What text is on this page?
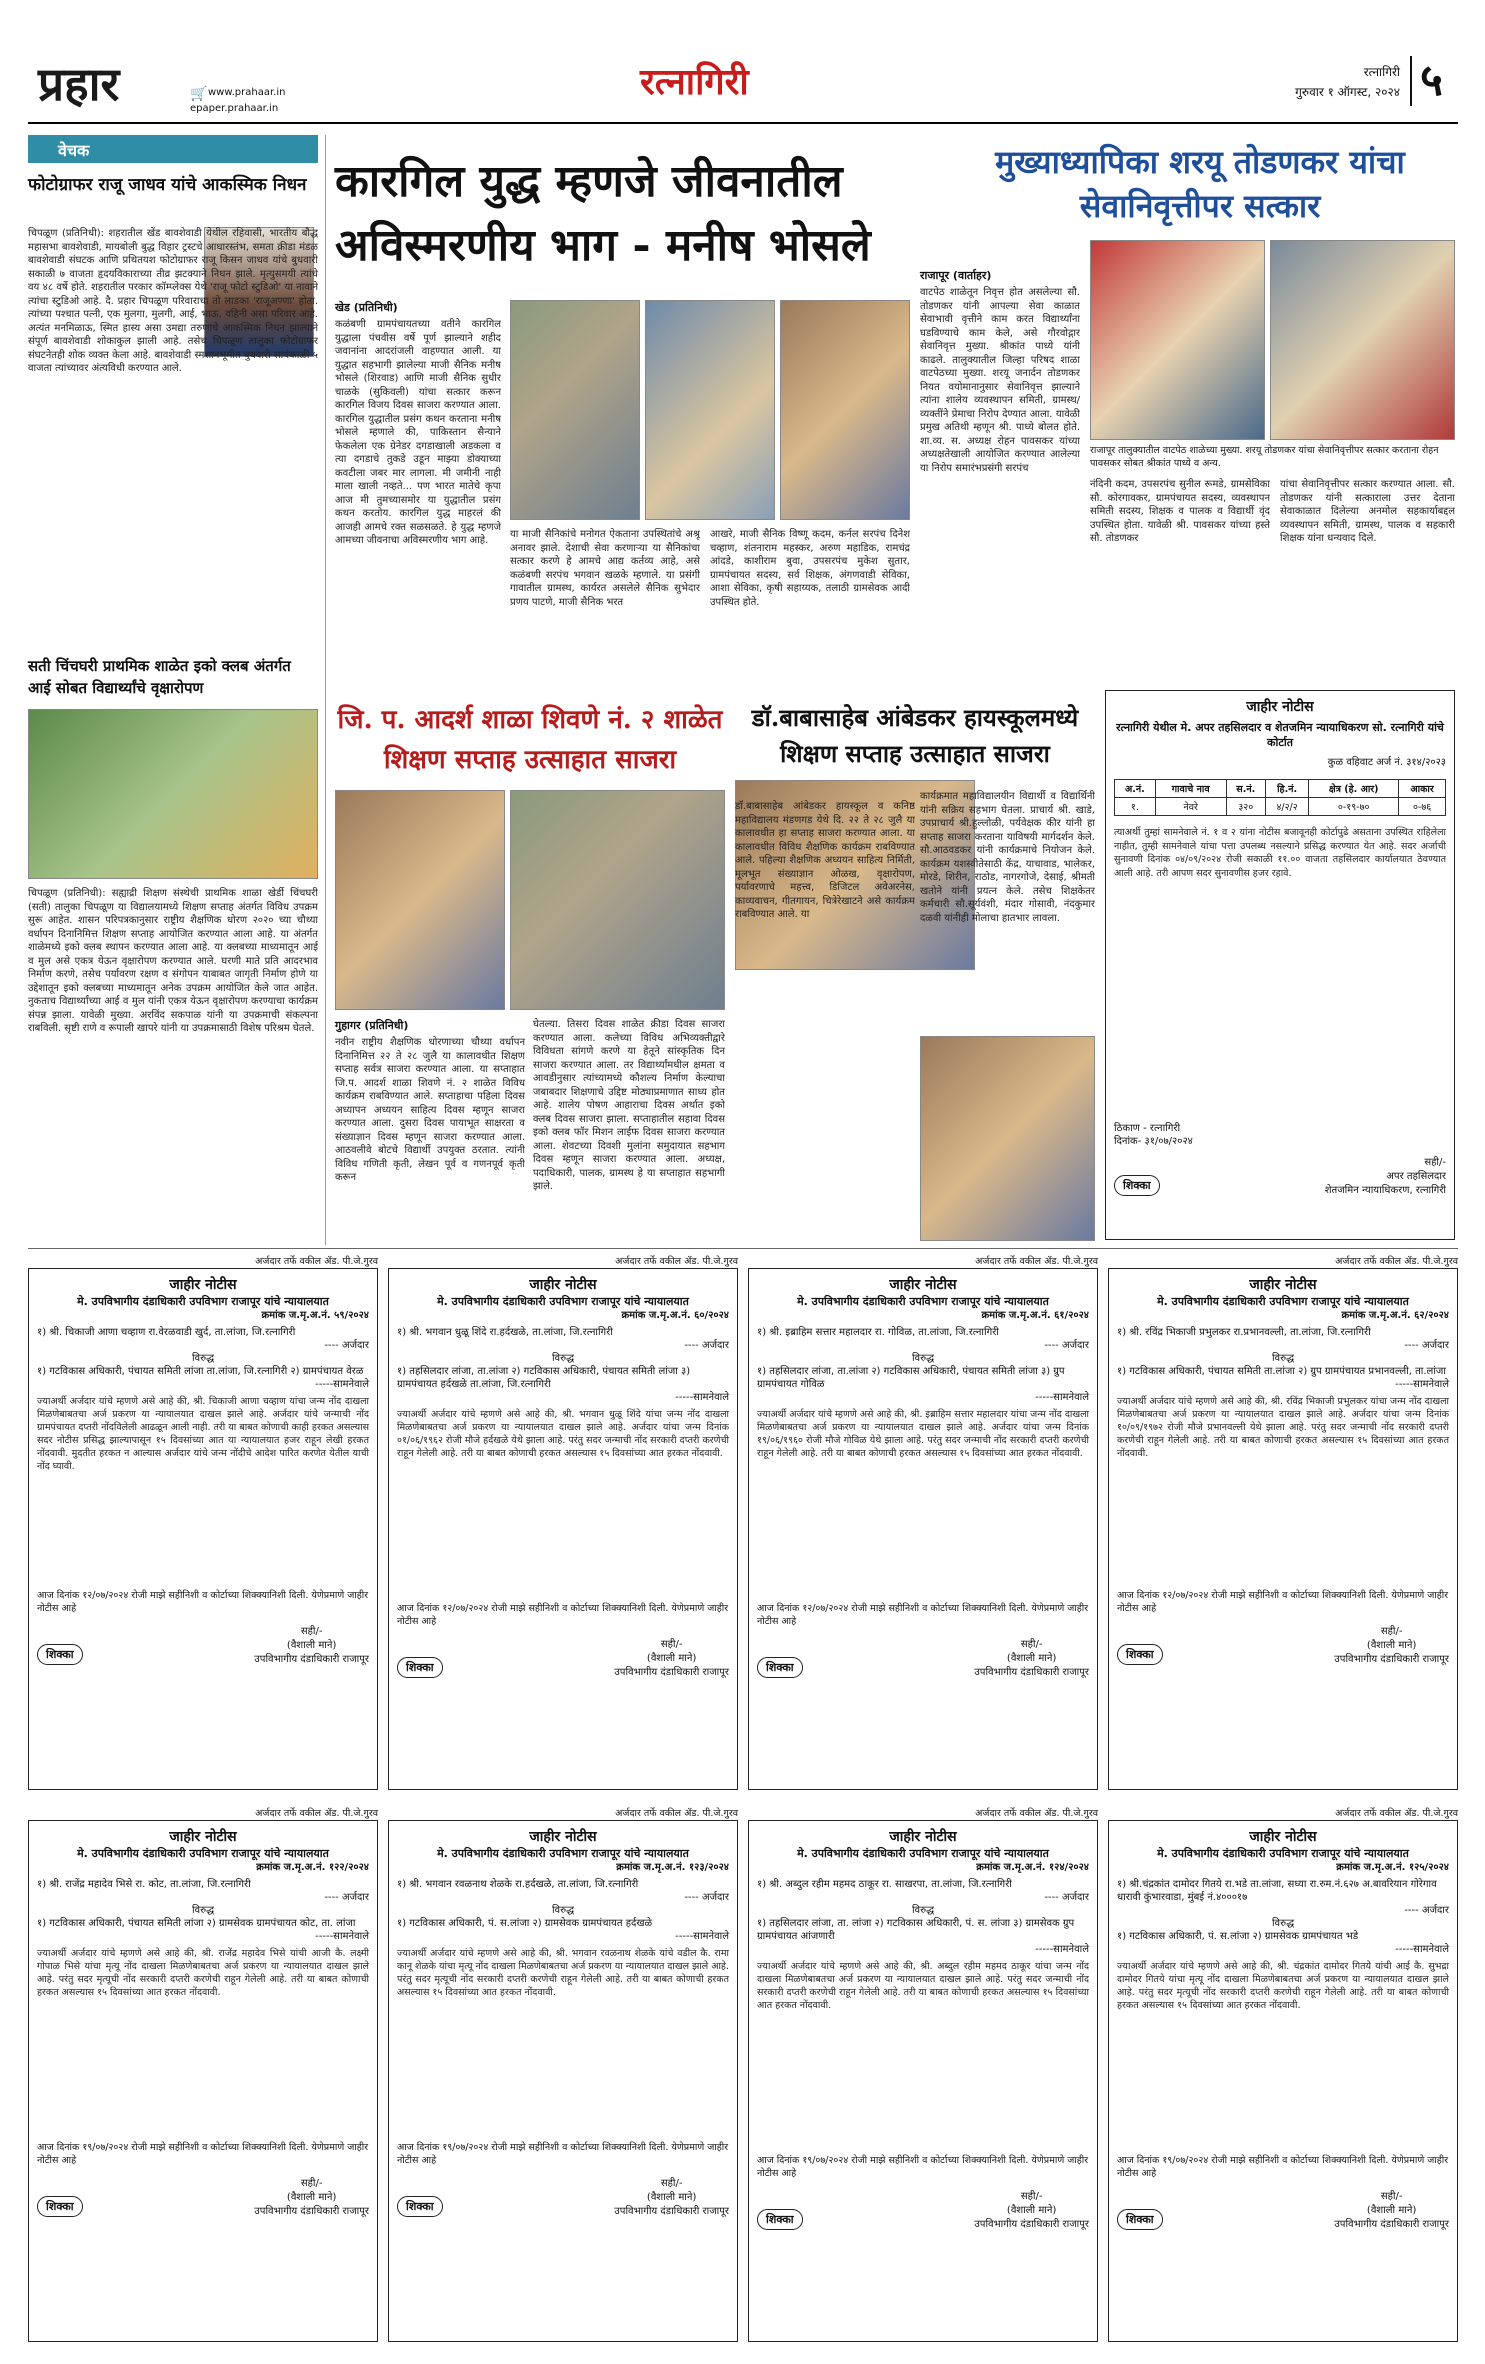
प्रहार	🛒 www.prahaar.in
epaper.prahaar.in
रत्नागिरी	रत्नागिरी
गुरुवार १ ऑगस्ट, २०२४ ५
वेचक
फोटोग्राफर राजू जाधव यांचे आकस्मिक निधन
चिपळूण (प्रतिनिधी): शहरातील खेंड बावशेवाडी येथील रहिवासी, भारतीय बौद्ध महासभा बावशेवाडी, मायबोली बुद्ध विहार ट्रस्टचे आधारस्तंभ, समता क्रीडा मंडळ बावशेवाडी संघटक आणि प्रथितयश फोटोग्राफर राजू किसन जाधव यांचे बुधवारी सकाळी ७ वाजता हृदयविकाराच्या तीव्र झटक्याने निधन झाले. मृत्युसमयी त्यांचे वय ४८ वर्षे होते. शहरातील परकार कॉम्प्लेक्स येथे 'राजू फोटो स्टुडिओ' या नावाने त्यांचा स्टुडिओ आहे. दै. प्रहार चिपळूण परिवाराचा तो लाडका 'राजूअण्णा' होता. त्यांच्या पश्चात पत्नी, एक मुलगा, मुलगी, आई, भाऊ, वहिनी असा परिवार आहे. अत्यंत मनमिळाऊ, स्मित हास्य असा उमद्या तरुणाचे आकस्मिक निधन झाल्याने संपूर्ण बावशेवाडी शोकाकुल झाली आहे. तसेच चिपळूण तालुका फोटोग्राफर संघटनेतही शोक व्यक्त केला आहे. बावशेवाडी स्मशानभूमीत बुधवारी सायंकाळी ५ वाजता त्यांच्यावर अंत्यविधी करण्यात आले.
सती चिंचघरी प्राथमिक शाळेत इको क्लब अंतर्गत आई सोबत विद्यार्थ्यांचे वृक्षारोपण
चिपळूण (प्रतिनिधी): सह्याद्री शिक्षण संस्थेची प्राथमिक शाळा खेर्डी चिंचघरी (सती) तालुका चिपळूण या विद्यालयामध्ये शिक्षण सप्ताह अंतर्गत विविध उपक्रम सुरू आहेत. शासन परिपत्रकानुसार राष्ट्रीय शैक्षणिक धोरण २०२० च्या चौथ्या वर्धापन दिनानिमित्त शिक्षण सप्ताह आयोजित करण्यात आला आहे. या अंतर्गत शाळेमध्ये इको क्लब स्थापन करण्यात आला आहे. या क्लबच्या माध्यमातून आई व मुल असे एकत्र येऊन वृक्षारोपण करण्यात आले. घरणी माते प्रति आदरभाव निर्माण करणे, तसेच पर्यावरण रक्षण व संगोपन याबाबत जागृती निर्माण होणे या उद्देशातून इको क्लबच्या माध्यमातून अनेक उपक्रम आयोजित केले जात आहेत. नुकताच विद्यार्थ्यांच्या आई व मुल यांनी एकत्र येऊन वृक्षारोपण करण्याचा कार्यक्रम संपन्न झाला. यावेळी मुख्या. अरविंद सकपाळ यांनी या उपक्रमाची संकल्पना राबविली. सृष्टी राणे व रूपाली खापरे यांनी या उपक्रमासाठी विशेष परिश्रम घेतले.
कारगिल युद्ध म्हणजे जीवनातील अविस्मरणीय भाग - मनीष भोसले
खेड (प्रतिनिधी)
कळंबणी ग्रामपंचायतच्या वतीने कारगिल युद्धाला पंचवीस वर्षे पूर्ण झाल्याने शहीद जवानांना आदरांजली वाहण्यात आली. या युद्धात सहभागी झालेल्या माजी सैनिक मनीष भोसले (शिरवाड) आणि माजी सैनिक सुधीर चाळके (सुकिवली) यांचा सत्कार करून कारगिल विजय दिवस साजरा करण्यात आला. कारगिल युद्धातील प्रसंग कथन करताना मनीष भोसले म्हणाले की, पाकिस्तान सैन्याने फेकलेला एक ग्रेनेडर दगडाखाली अडकला व त्या दगडाचे तुकडे उडून माझ्या डोक्याच्या कवटीला जबर मार लागला. मी जमीनी नाही माला खाली नव्हते... पण भारत मातेचे कृपा आज मी तुमच्यासमोर या युद्धातील प्रसंग कथन करतोय. कारगिल युद्ध माहरलं की आजही आमचे रक्त सळसळते. हे युद्ध म्हणजे आमच्या जीवनाचा अविस्मरणीय भाग आहे.
या माजी सैनिकांचे मनोगत ऐकताना उपस्थितांचे अश्रू अनावर झाले. देशाची सेवा करणाऱ्या या सैनिकांचा सत्कार करणे हे आमचे आद्य कर्तव्य आहे, असे कळंबणी सरपंच भगवान खळके म्हणाले. या प्रसंगी गावातील ग्रामस्थ, कार्यरत असलेले सैनिक सुभेदार प्रणय पाटणे, माजी सैनिक भरत
आखरे, माजी सैनिक विष्णू कदम, कर्नल सरपंच दिनेश चव्हाण, शंतनाराम महस्कर, अरुण महाडिक, रामचंद्र आंदडे, काशीराम बुवा, उपसरपंच मुकेश सुतार, ग्रामपंचायत सदस्य, सर्व शिक्षक, अंगणवाडी सेविका, आशा सेविका, कृषी सहाय्यक, तलाठी ग्रामसेवक आदी उपस्थित होते.
मुख्याध्यापिका शरयू तोडणकर यांचा सेवानिवृत्तीपर सत्कार
राजापूर (वार्ताहर)
वाटपेठ शाळेतून निवृत्त होत असलेल्या सौ. तोडणकर यांनी आपल्या सेवा काळात सेवाभावी वृत्तीने काम करत विद्यार्थ्यांना घडविण्याचे काम केले, असे गौरवोद्गार सेवानिवृत्त मुख्या. श्रीकांत पाध्ये यांनी काढले. तालुक्यातील जिल्हा परिषद शाळा वाटपेठच्या मुख्या. शरयू जनार्दन तोडणकर नियत वयोमानानुसार सेवानिवृत्त झाल्याने त्यांना शालेय व्यवस्थापन समिती, ग्रामस्थ/व्यक्तींने प्रेमाचा निरोप देण्यात आला. यावेळी प्रमुख अतिथी म्हणून श्री. पाध्ये बोलत होते. शा.व्य. स. अध्यक्ष रोहन पावसकर यांच्या अध्यक्षतेखाली आयोजित करण्यात आलेल्या या निरोप समारंभप्रसंगी सरपंच
राजापूर तालुक्यातील वाटपेठ शाळेच्या मुख्या. शरयू तोडणकर यांचा सेवानिवृत्तीपर सत्कार करताना रोहन पावसकर सोबत श्रीकांत पाध्ये व अन्य.
नंदिनी कदम, उपसरपंच सुनील रूमडे, ग्रामसेविका सौ. कोरगावकर, ग्रामपंचायत सदस्य, व्यवस्थापन समिती सदस्य, शिक्षक व पालक व विद्यार्थी वृंद उपस्थित होता. यावेळी श्री. पावसकर यांच्या हस्ते सौ. तोडणकर
यांचा सेवानिवृत्तीपर सत्कार करण्यात आला. सौ. तोडणकर यांनी सत्काराला उत्तर देताना सेवाकाळात दिलेल्या अनमोल सहकार्याबद्दल व्यवस्थापन समिती, ग्रामस्थ, पालक व सहकारी शिक्षक यांना धन्यवाद दिले.
जि. प. आदर्श शाळा शिवणे नं. २ शाळेत शिक्षण सप्ताह उत्साहात साजरा
गुहागर (प्रतिनिधी)
नवीन राष्ट्रीय शैक्षणिक धोरणाच्या चौथ्या वर्धापन दिनानिमित्त २२ ते २८ जुलै या कालावधीत शिक्षण सप्ताह सर्वत्र साजरा करण्यात आला. या सप्ताहात जि.प. आदर्श शाळा शिवणे नं. २ शाळेत विविध कार्यक्रम राबविण्यात आले. सप्ताहाचा पहिला दिवस अध्यापन अध्ययन साहित्य दिवस म्हणून साजरा करण्यात आला. दुसरा दिवस पायाभूत साक्षरता व संख्याज्ञान दिवस म्हणून साजरा करण्यात आला. आठवलीवे बोटचे विद्यार्थी उपयुक्त ठरतात. त्यांनी विविध गणिती कृती, लेखन पूर्व व गणनपूर्व कृती करून
घेतल्या. तिसरा दिवस शाळेत क्रीडा दिवस साजरा करण्यात आला. कलेच्या विविध अभिव्यक्तीद्वारे विविधता सांगणे करणे या हेतूने सांस्कृतिक दिन साजरा करण्यात आला. तर विद्यार्थ्यांमधील क्षमता व आवडीनुसार त्यांच्यामध्ये कौशल्य निर्माण केल्याचा जबाबदार शिक्षणाचे उद्दिष्ट मोठ्याप्रमाणात साध्य होत आहे. शालेय पोषण आहाराचा दिवस अर्थात इको क्लब दिवस साजरा झाला. सप्ताहातील सहावा दिवस इको क्लब फॉर मिशन लाईफ दिवस साजरा करण्यात आला. शेवटच्या दिवशी मुलांना समुदायात सहभाग दिवस म्हणून साजरा करण्यात आला. अध्यक्ष, पदाधिकारी, पालक, ग्रामस्थ हे या सप्ताहात सहभागी झाले.
डॉ.बाबासाहेब आंबेडकर हायस्कूलमध्ये शिक्षण सप्ताह उत्साहात साजरा
डॉ.बाबासाहेब आंबेडकर हायस्कूल व कनिष्ठ महाविद्यालय मंडणगड येथे दि. २२ ते २८ जुलै या कालावधीत हा सप्ताह साजरा करण्यात आला. या कालावधीत विविध शैक्षणिक कार्यक्रम राबविण्यात आले. पहिल्या शैक्षणिक अध्ययन साहित्य निर्मिती, मूलभूत संख्याज्ञान ओळख, वृक्षारोपण, पर्यावरणाचे महत्त्व, डिजिटल अवेअरनेस, काव्यवाचन, गीतगायन, चित्रेरेखाटने असे कार्यक्रम राबविण्यात आले. या
कार्यक्रमात महाविद्यालयीन विद्यार्थी व विद्यार्थिनी यांनी सक्रिय सहभाग घेतला. प्राचार्य श्री. खाडे, उपप्राचार्य श्री.हुल्लोळी, पर्यवेक्षक कीर यांनी हा सप्ताह साजरा करताना याविषयी मार्गदर्शन केले. सौ.आठवडकर यांनी कार्यक्रमाचे नियोजन केले. कार्यक्रम यशस्वीतेसाठी केंद्र, याचावाड, भालेकर, मोरडे, शिरीन, राठोड, नागरगोजे, देसाई, श्रीमती खतोने यांनी प्रयत्न केले. तसेच शिक्षकेतर कर्मचारी सौ.सूर्यवंशी, मंदार गोसावी, नंदकुमार दळवी यांनीही मोलाचा हातभार लावला.
जाहीर नोटीस
रत्नागिरी येथील मे. अपर तहसिलदार व शेतजमिन न्यायाधिकरण सो. रत्नागिरी यांचे कोर्टात
कुळ वहिवाट अर्ज नं. ३१४/२०२३
अ.नं.	गावाचे नाव	स.नं.	हि.नं.	क्षेत्र (हे. आर)	आकार
१.	नेवरे	३२०	४/२/२	०-१९-७०	०-७६
त्याअर्थी तुम्हां सामनेवाले नं. १ व २ यांना नोटीस बजावूनही कोर्टापुढे असताना उपस्थित राहिलेला नाहीत, तुम्ही सामनेवाले यांचा पत्ता उपलब्ध नसल्याने प्रसिद्ध करण्यात येत आहे. सदर अर्जाची सुनावणी दिनांक ०४/०९/२०२४ रोजी सकाळी ११.०० वाजता तहसिलदार कार्यालयात ठेवण्यात आली आहे. तरी आपण सदर सुनावणीस हजर रहावे.
ठिकाण - रत्नागिरी
दिनांक- ३१/०७/२०२४
शिक्का
सही/-
अपर तहसिलदार
शेतजमिन न्यायाधिकरण, रत्नागिरी
अर्जदार तर्फे वकील ॲड. पी.जे.गुरव
जाहीर नोटीस
मे. उपविभागीय दंडाधिकारी उपविभाग राजापूर यांचे न्यायालयात
क्रमांक ज.मृ.अ.नं. ५९/२०२४
१) श्री. चिकाजी आणा चव्हाण रा.वेरळवाडी खुर्द, ता.लांजा, जि.रत्नागिरी
---- अर्जदार
विरुद्ध
१) गटविकास अधिकारी, पंचायत समिती लांजा ता.लांजा, जि.रत्नागिरी २) ग्रामपंचायत वेरळ
-----सामनेवाले
ज्याअर्थी अर्जदार यांचे म्हणणे असे आहे की, श्री. चिकाजी आणा चव्हाण यांचा जन्म नोंद दाखला मिळणेबाबतचा अर्ज प्रकरण या न्यायालयात दाखल झाले आहे. अर्जदार यांचे जन्माची नोंद ग्रामपंचायत दप्तरी नोंदविलेली आढळून आली नाही. तरी या बाबत कोणाची काही हरकत असल्यास सदर नोटीस प्रसिद्ध झाल्यापासून १५ दिवसांच्या आत या न्यायालयात हजर राहून लेखी हरकत नोंदवावी. मुदतीत हरकत न आल्यास अर्जदार यांचे जन्म नोंदीचे आदेश पारित करणेत येतील याची नोंद घ्यावी.
आज दिनांक १२/०७/२०२४ रोजी माझे सहीनिशी व कोर्टाच्या शिक्क्यानिशी दिली. येणेप्रमाणे जाहीर नोटीस आहे
शिक्का
सही/-
(वैशाली माने)
उपविभागीय दंडाधिकारी राजापूर
अर्जदार तर्फे वकील ॲड. पी.जे.गुरव
जाहीर नोटीस
मे. उपविभागीय दंडाधिकारी उपविभाग राजापूर यांचे न्यायालयात
क्रमांक ज.मृ.अ.नं. ६०/२०२४
१) श्री. भगवान धुळू शिंदे रा.हर्दखळे, ता.लांजा, जि.रत्नागिरी
---- अर्जदार
विरुद्ध
१) तहसिलदार लांजा, ता.लांजा २) गटविकास अधिकारी, पंचायत समिती लांजा ३) ग्रामपंचायत हर्दखळे ता.लांजा, जि.रत्नागिरी
-----सामनेवाले
ज्याअर्थी अर्जदार यांचे म्हणणे असे आहे की, श्री. भगवान धुळू शिंदे यांचा जन्म नोंद दाखला मिळणेबाबतचा अर्ज प्रकरण या न्यायालयात दाखल झाले आहे. अर्जदार यांचा जन्म दिनांक ०१/०६/१९६२ रोजी मौजे हर्दखळे येथे झाला आहे. परंतु सदर जन्माची नोंद सरकारी दप्तरी करणेची राहून गेलेली आहे. तरी या बाबत कोणाची हरकत असल्यास १५ दिवसांच्या आत हरकत नोंदवावी.
आज दिनांक १२/०७/२०२४ रोजी माझे सहीनिशी व कोर्टाच्या शिक्क्यानिशी दिली. येणेप्रमाणे जाहीर नोटीस आहे
शिक्का
सही/-
(वैशाली माने)
उपविभागीय दंडाधिकारी राजापूर
अर्जदार तर्फे वकील ॲड. पी.जे.गुरव
जाहीर नोटीस
मे. उपविभागीय दंडाधिकारी उपविभाग राजापूर यांचे न्यायालयात
क्रमांक ज.मृ.अ.नं. ६१/२०२४
१) श्री. इब्राहिम सत्तार महालदार रा. गोविळ, ता.लांजा, जि.रत्नागिरी
---- अर्जदार
विरुद्ध
१) तहसिलदार लांजा, ता.लांजा २) गटविकास अधिकारी, पंचायत समिती लांजा ३) ग्रुप ग्रामपंचायत गोविळ
-----सामनेवाले
ज्याअर्थी अर्जदार यांचे म्हणणे असे आहे की, श्री. इब्राहिम सत्तार महालदार यांचा जन्म नोंद दाखला मिळणेबाबतचा अर्ज प्रकरण या न्यायालयात दाखल झाले आहे. अर्जदार यांचा जन्म दिनांक १९/०६/१९६० रोजी मौजे गोविळ येथे झाला आहे. परंतु सदर जन्माची नोंद सरकारी दप्तरी करणेची राहून गेलेली आहे. तरी या बाबत कोणाची हरकत असल्यास १५ दिवसांच्या आत हरकत नोंदवावी.
आज दिनांक १२/०७/२०२४ रोजी माझे सहीनिशी व कोर्टाच्या शिक्क्यानिशी दिली. येणेप्रमाणे जाहीर नोटीस आहे
शिक्का
सही/-
(वैशाली माने)
उपविभागीय दंडाधिकारी राजापूर
अर्जदार तर्फे वकील ॲड. पी.जे.गुरव
जाहीर नोटीस
मे. उपविभागीय दंडाधिकारी उपविभाग राजापूर यांचे न्यायालयात
क्रमांक ज.मृ.अ.नं. ६२/२०२४
१) श्री. रविंद्र भिकाजी प्रभुलकर रा.प्रभानवल्ली, ता.लांजा, जि.रत्नागिरी
---- अर्जदार
विरुद्ध
१) गटविकास अधिकारी, पंचायत समिती ता.लांजा २) ग्रुप ग्रामपंचायत प्रभानवल्ली, ता.लांजा
-----सामनेवाले
ज्याअर्थी अर्जदार यांचे म्हणणे असे आहे की, श्री. रविंद्र भिकाजी प्रभुलकर यांचा जन्म नोंद दाखला मिळणेबाबतचा अर्ज प्रकरण या न्यायालयात दाखल झाले आहे. अर्जदार यांचा जन्म दिनांक १०/०९/१९७२ रोजी मौजे प्रभानवल्ली येथे झाला आहे. परंतु सदर जन्माची नोंद सरकारी दप्तरी करणेची राहून गेलेली आहे. तरी या बाबत कोणाची हरकत असल्यास १५ दिवसांच्या आत हरकत नोंदवावी.
आज दिनांक १२/०७/२०२४ रोजी माझे सहीनिशी व कोर्टाच्या शिक्क्यानिशी दिली. येणेप्रमाणे जाहीर नोटीस आहे
शिक्का
सही/-
(वैशाली माने)
उपविभागीय दंडाधिकारी राजापूर
अर्जदार तर्फे वकील ॲड. पी.जे.गुरव
जाहीर नोटीस
मे. उपविभागीय दंडाधिकारी उपविभाग राजापूर यांचे न्यायालयात
क्रमांक ज.मृ.अ.नं. १२२/२०२४
१) श्री. राजेंद्र महादेव भिसे रा. कोट, ता.लांजा, जि.रत्नागिरी
---- अर्जदार
विरुद्ध
१) गटविकास अधिकारी, पंचायत समिती लांजा २) ग्रामसेवक ग्रामपंचायत कोट, ता. लांजा
-----सामनेवाले
ज्याअर्थी अर्जदार यांचे म्हणणे असे आहे की, श्री. राजेंद्र महादेव भिसे यांची आजी कै. लक्ष्मी गोपाळ भिसे यांचा मृत्यू नोंद दाखला मिळणेबाबतचा अर्ज प्रकरण या न्यायालयात दाखल झाले आहे. परंतु सदर मृत्यूची नोंद सरकारी दप्तरी करणेची राहून गेलेली आहे. तरी या बाबत कोणाची हरकत असल्यास १५ दिवसांच्या आत हरकत नोंदवावी.
आज दिनांक १९/०७/२०२४ रोजी माझे सहीनिशी व कोर्टाच्या शिक्क्यानिशी दिली. येणेप्रमाणे जाहीर नोटीस आहे
शिक्का
सही/-
(वैशाली माने)
उपविभागीय दंडाधिकारी राजापूर
अर्जदार तर्फे वकील ॲड. पी.जे.गुरव
जाहीर नोटीस
मे. उपविभागीय दंडाधिकारी उपविभाग राजापूर यांचे न्यायालयात
क्रमांक ज.मृ.अ.नं. १२३/२०२४
१) श्री. भगवान रवळनाथ शेळके रा.हर्दखळे, ता.लांजा, जि.रत्नागिरी
---- अर्जदार
विरुद्ध
१) गटविकास अधिकारी, पं. स.लांजा २) ग्रामसेवक ग्रामपंचायत हर्दखळे
-----सामनेवाले
ज्याअर्थी अर्जदार यांचे म्हणणे असे आहे की, श्री. भगवान रवळनाथ शेळके यांचे वडील कै. रामा कानू शेळके यांचा मृत्यू नोंद दाखला मिळणेबाबतचा अर्ज प्रकरण या न्यायालयात दाखल झाले आहे. परंतु सदर मृत्यूची नोंद सरकारी दप्तरी करणेची राहून गेलेली आहे. तरी या बाबत कोणाची हरकत असल्यास १५ दिवसांच्या आत हरकत नोंदवावी.
आज दिनांक १९/०७/२०२४ रोजी माझे सहीनिशी व कोर्टाच्या शिक्क्यानिशी दिली. येणेप्रमाणे जाहीर नोटीस आहे
शिक्का
सही/-
(वैशाली माने)
उपविभागीय दंडाधिकारी राजापूर
अर्जदार तर्फे वकील ॲड. पी.जे.गुरव
जाहीर नोटीस
मे. उपविभागीय दंडाधिकारी उपविभाग राजापूर यांचे न्यायालयात
क्रमांक ज.मृ.अ.नं. १२४/२०२४
१) श्री. अब्दुल रहीम महमद ठाकूर रा. साखरपा, ता.लांजा, जि.रत्नागिरी
---- अर्जदार
विरुद्ध
१) तहसिलदार लांजा, ता. लांजा २) गटविकास अधिकारी, पं. स. लांजा ३) ग्रामसेवक ग्रुप ग्रामपंचायत आंजणारी
-----सामनेवाले
ज्याअर्थी अर्जदार यांचे म्हणणे असे आहे की, श्री. अब्दुल रहीम महमद ठाकूर यांचा जन्म नोंद दाखला मिळणेबाबतचा अर्ज प्रकरण या न्यायालयात दाखल झाले आहे. परंतु सदर जन्माची नोंद सरकारी दप्तरी करणेची राहून गेलेली आहे. तरी या बाबत कोणाची हरकत असल्यास १५ दिवसांच्या आत हरकत नोंदवावी.
आज दिनांक १९/०७/२०२४ रोजी माझे सहीनिशी व कोर्टाच्या शिक्क्यानिशी दिली. येणेप्रमाणे जाहीर नोटीस आहे
शिक्का
सही/-
(वैशाली माने)
उपविभागीय दंडाधिकारी राजापूर
अर्जदार तर्फे वकील ॲड. पी.जे.गुरव
जाहीर नोटीस
मे. उपविभागीय दंडाधिकारी उपविभाग राजापूर यांचे न्यायालयात
क्रमांक ज.मृ.अ.नं. १२५/२०२४
१) श्री.चंद्रकांत दामोदर गितये रा.भडे ता.लांजा, सध्या रा.रुम.नं.६२७ अ.बावरियान गोरेगाव धारावी कुंभारवाडा, मुंबई नं.४०००१७
---- अर्जदार
विरुद्ध
१) गटविकास अधिकारी, पं. स.लांजा २) ग्रामसेवक ग्रामपंचायत भडे
-----सामनेवाले
ज्याअर्थी अर्जदार यांचे म्हणणे असे आहे की, श्री. चंद्रकांत दामोदर गितये यांची आई कै. सुभद्रा दामोदर गितये यांचा मृत्यू नोंद दाखला मिळणेबाबतचा अर्ज प्रकरण या न्यायालयात दाखल झाले आहे. परंतु सदर मृत्यूची नोंद सरकारी दप्तरी करणेची राहून गेलेली आहे. तरी या बाबत कोणाची हरकत असल्यास १५ दिवसांच्या आत हरकत नोंदवावी.
आज दिनांक १९/०७/२०२४ रोजी माझे सहीनिशी व कोर्टाच्या शिक्क्यानिशी दिली. येणेप्रमाणे जाहीर नोटीस आहे
शिक्का
सही/-
(वैशाली माने)
उपविभागीय दंडाधिकारी राजापूर
